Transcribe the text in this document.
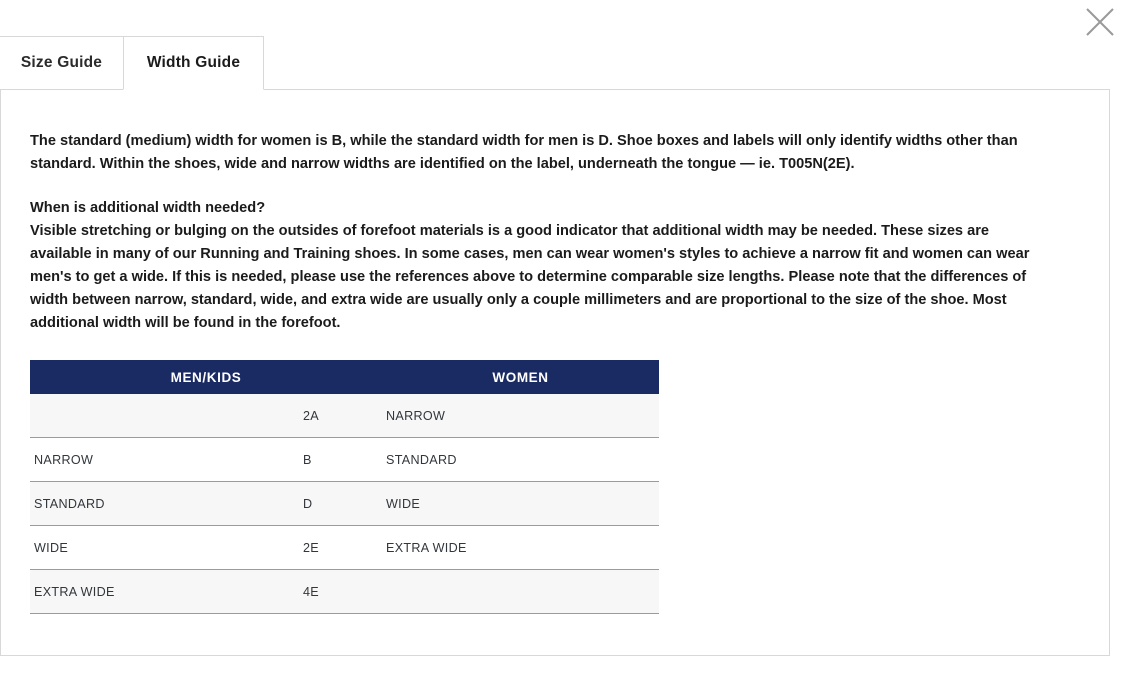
Size Guide	Width Guide

The standard (medium) width for women is B, while the standard width for men is D. Shoe boxes and labels will only identify widths other than
standard. Within the shoes, wide and narrow widths are identified on the label, underneath the tongue — ie. T005N(2E).

When is additional width needed?
Visible stretching or bulging on the outsides of forefoot materials is a good indicator that additional width may be needed. These sizes are
available in many of our Running and Training shoes. In some cases, men can wear women's styles to achieve a narrow fit and women can wear
men's to get a wide. If this is needed, please use the references above to determine comparable size lengths. Please note that the differences of
width between narrow, standard, wide, and extra wide are usually only a couple millimeters and are proportional to the size of the shoe. Most
additional width will be found in the forefoot.

MEN/KIDS		WOMEN
	2A	NARROW
NARROW	B	STANDARD
STANDARD	D	WIDE
WIDE	2E	EXTRA WIDE
EXTRA WIDE	4E	
